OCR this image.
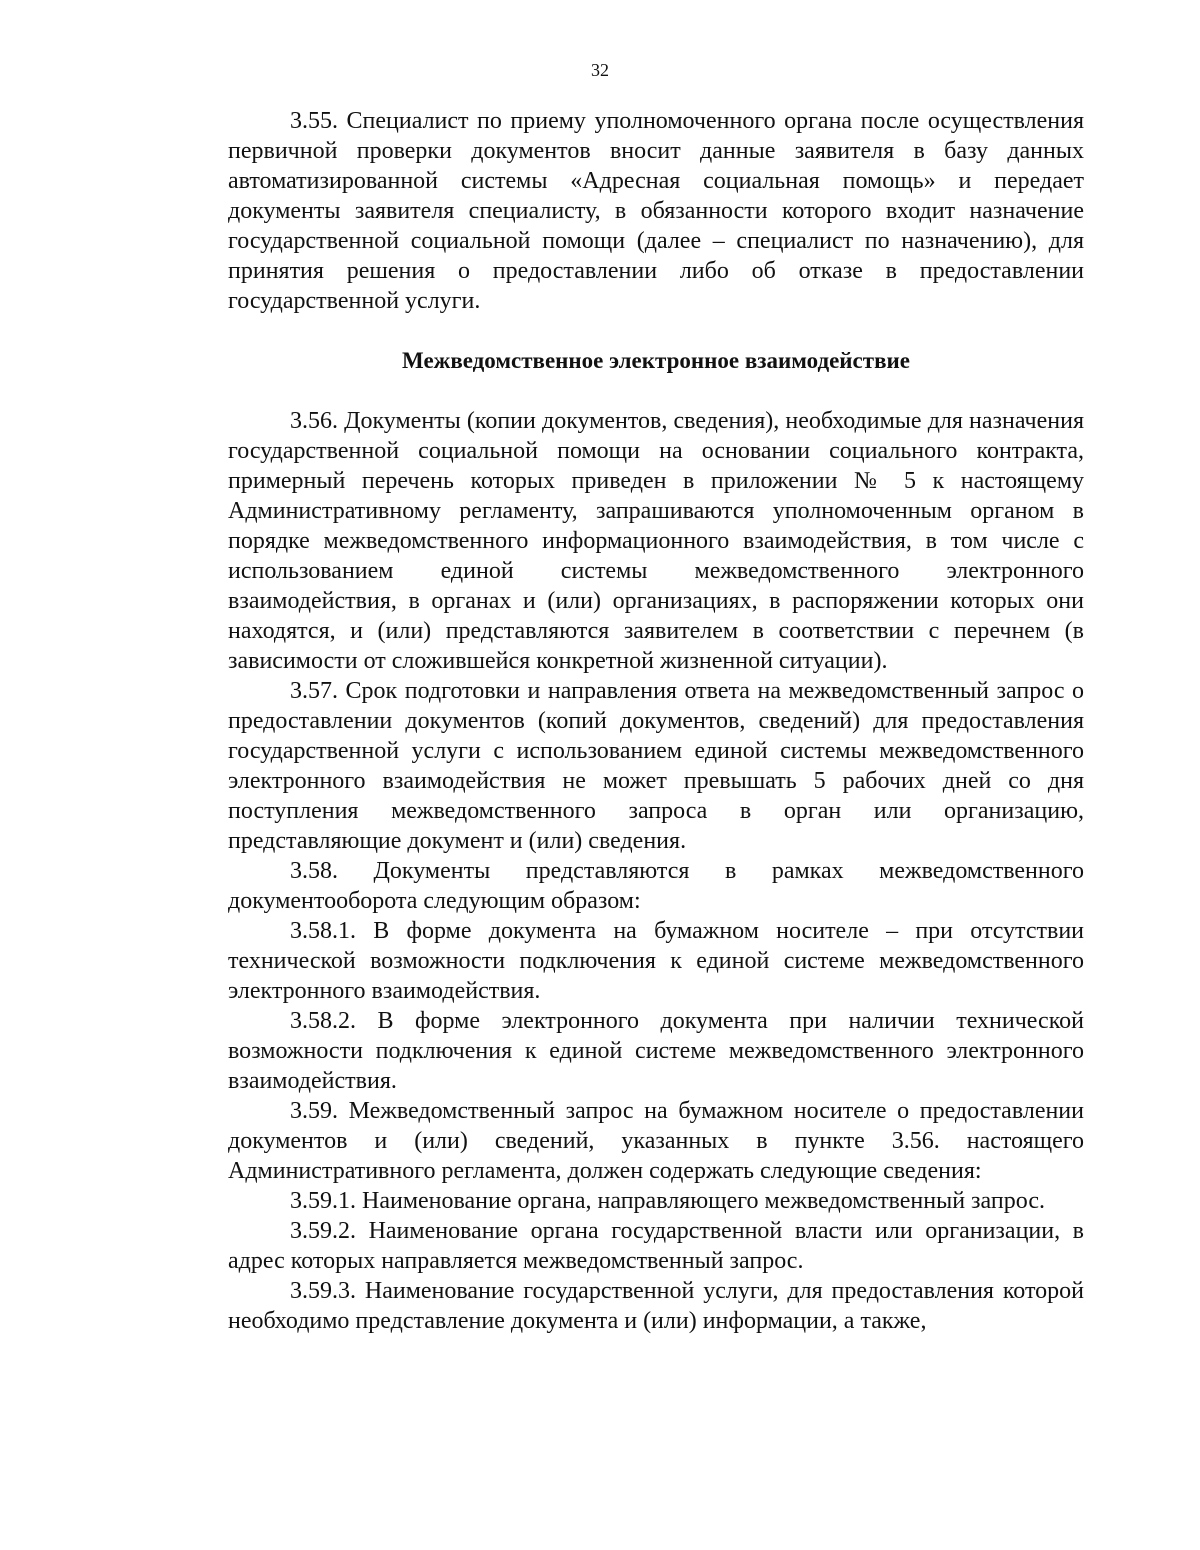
32

3.55. Специалист по приему уполномоченного органа после осуществления первичной проверки документов вносит данные заявителя в базу данных автоматизированной системы «Адресная социальная помощь» и передает документы заявителя специалисту, в обязанности которого входит назначение государственной социальной помощи (далее – специалист по назначению), для принятия решения о предоставлении либо об отказе в предоставлении государственной услуги.

Межведомственное электронное взаимодействие

3.56. Документы (копии документов, сведения), необходимые для назначения государственной социальной помощи на основании социального контракта, примерный перечень которых приведен в приложении № 5 к настоящему Административному регламенту, запрашиваются уполномоченным органом в порядке межведомственного информационного взаимодействия, в том числе с использованием единой системы межведомственного электронного взаимодействия, в органах и (или) организациях, в распоряжении которых они находятся, и (или) представляются заявителем в соответствии с перечнем (в зависимости от сложившейся конкретной жизненной ситуации).

3.57. Срок подготовки и направления ответа на межведомственный запрос о предоставлении документов (копий документов, сведений) для предоставления государственной услуги с использованием единой системы межведомственного электронного взаимодействия не может превышать 5 рабочих дней со дня поступления межведомственного запроса в орган или организацию, представляющие документ и (или) сведения.

3.58. Документы представляются в рамках межведомственного документооборота следующим образом:

3.58.1. В форме документа на бумажном носителе – при отсутствии технической возможности подключения к единой системе межведомственного электронного взаимодействия.

3.58.2. В форме электронного документа при наличии технической возможности подключения к единой системе межведомственного электронного взаимодействия.

3.59. Межведомственный запрос на бумажном носителе о предоставлении документов и (или) сведений, указанных в пункте 3.56. настоящего Административного регламента, должен содержать следующие сведения:

3.59.1. Наименование органа, направляющего межведомственный запрос.

3.59.2. Наименование органа государственной власти или организации, в адрес которых направляется межведомственный запрос.

3.59.3. Наименование государственной услуги, для предоставления которой необходимо представление документа и (или) информации, а также,
